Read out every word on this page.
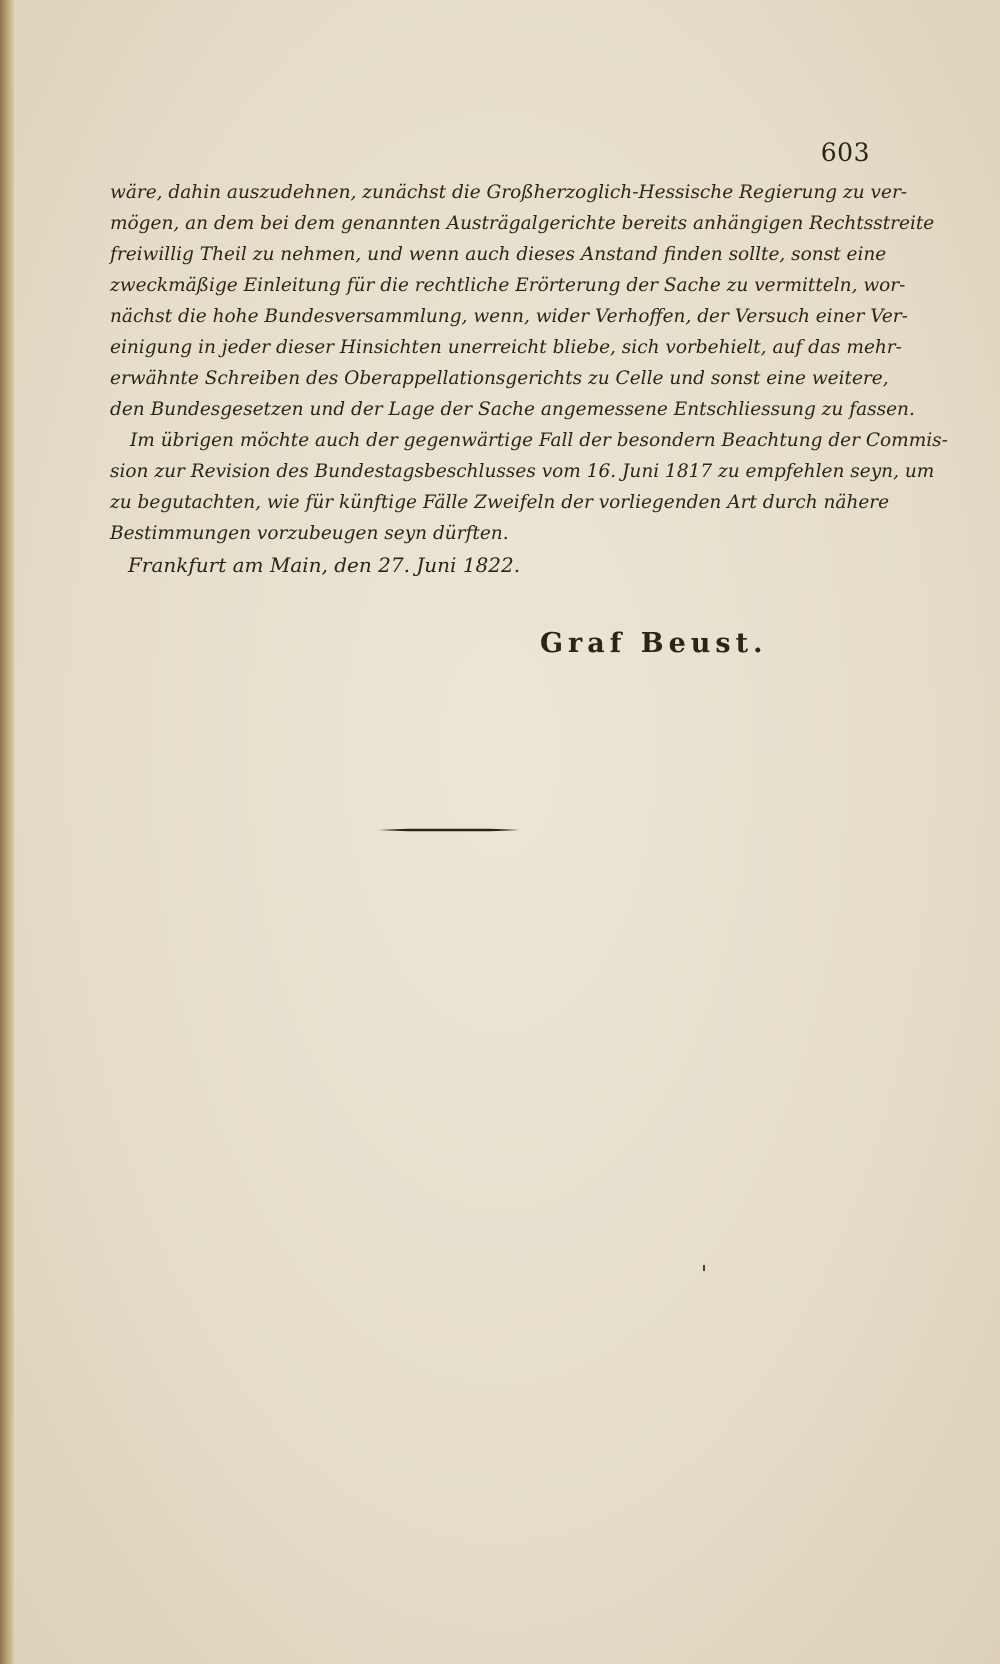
603
wäre, dahin auszudehnen, zunächst die Großherzoglich-Hessische Regierung zu ver-
mögen, an dem bei dem genannten Austrägalgerichte bereits anhängigen Rechtsstreite
freiwillig Theil zu nehmen, und wenn auch dieses Anstand finden sollte, sonst eine
zweckmäßige Einleitung für die rechtliche Erörterung der Sache zu vermitteln, wor-
nächst die hohe Bundesversammlung, wenn, wider Verhoffen, der Versuch einer Ver-
einigung in jeder dieser Hinsichten unerreicht bliebe, sich vorbehielt, auf das mehr-
erwähnte Schreiben des Oberappellationsgerichts zu Celle und sonst eine weitere,
den Bundesgesetzen und der Lage der Sache angemessene Entschliessung zu fassen.
Im übrigen möchte auch der gegenwärtige Fall der besondern Beachtung der Commis-
sion zur Revision des Bundestagsbeschlusses vom 16. Juni 1817 zu empfehlen seyn, um
zu begutachten, wie für künftige Fälle Zweifeln der vorliegenden Art durch nähere
Bestimmungen vorzubeugen seyn dürften.
Frankfurt am Main, den 27. Juni 1822.
Graf Beust.
